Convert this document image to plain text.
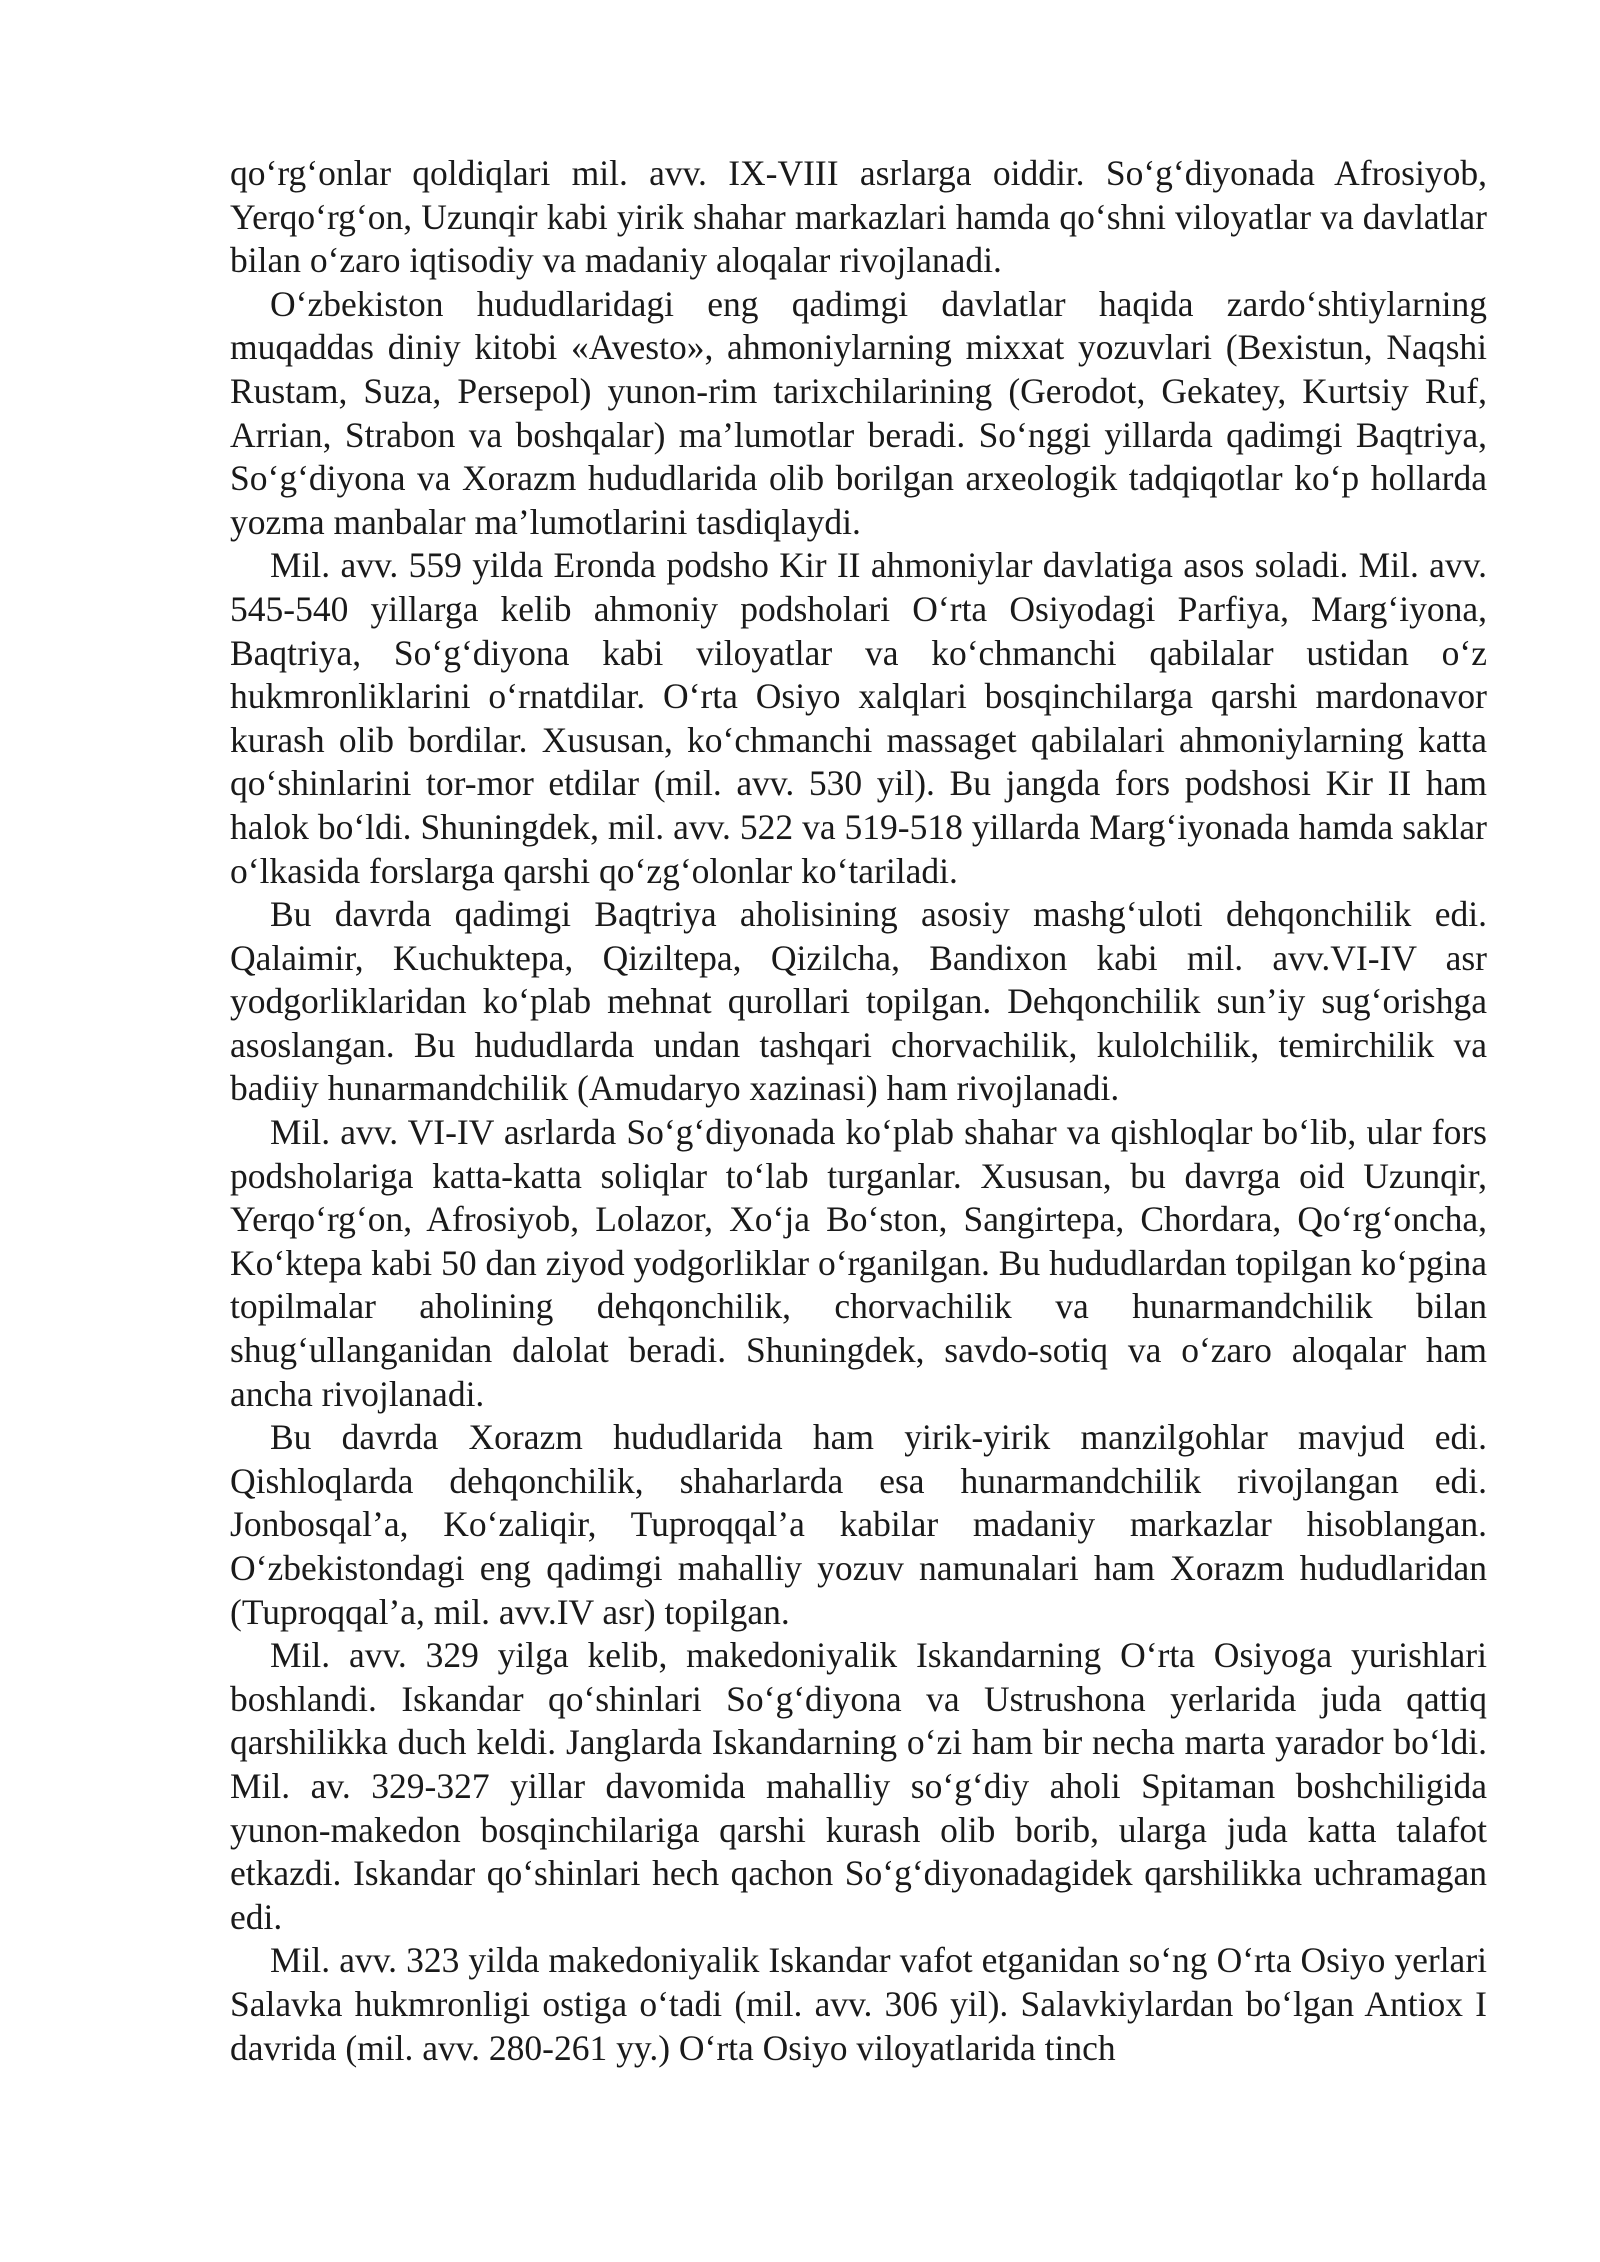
qo‘rg‘onlar qoldiqlari mil. avv. IX-VIII asrlarga oiddir. So‘g‘diyonada Afrosiyob, Yerqo‘rg‘on, Uzunqir kabi yirik shahar markazlari hamda qo‘shni viloyatlar va davlatlar bilan o‘zaro iqtisodiy va madaniy aloqalar rivojlanadi.

O‘zbekiston hududlaridagi eng qadimgi davlatlar haqida zardo‘shtiylarning muqaddas diniy kitobi «Avesto», ahmoniylarning mixxat yozuvlari (Bexistun, Naqshi Rustam, Suza, Persepol) yunon-rim tarixchilarining (Gerodot, Gekatey, Kurtsiy Ruf, Arrian, Strabon va boshqalar) ma’lumotlar beradi. So‘nggi yillarda qadimgi Baqtriya, So‘g‘diyona va Xorazm hududlarida olib borilgan arxeologik tadqiqotlar ko‘p hollarda yozma manbalar ma’lumotlarini tasdiqlaydi.

Mil. avv. 559 yilda Eronda podsho Kir II ahmoniylar davlatiga asos soladi. Mil. avv. 545-540 yillarga kelib ahmoniy podsholari O‘rta Osiyodagi Parfiya, Marg‘iyona, Baqtriya, So‘g‘diyona kabi viloyatlar va ko‘chmanchi qabilalar ustidan o‘z hukmronliklarini o‘rnatdilar. O‘rta Osiyo xalqlari bosqinchilarga qarshi mardonavor kurash olib bordilar. Xususan, ko‘chmanchi massaget qabilalari ahmoniylarning katta qo‘shinlarini tor-mor etdilar (mil. avv. 530 yil). Bu jangda fors podshosi Kir II ham halok bo‘ldi. Shuningdek, mil. avv. 522 va 519-518 yillarda Marg‘iyonada hamda saklar o‘lkasida forslarga qarshi qo‘zg‘olonlar ko‘tariladi.

Bu davrda qadimgi Baqtriya aholisining asosiy mashg‘uloti dehqonchilik edi. Qalaimir, Kuchuktepa, Qiziltepa, Qizilcha, Bandixon kabi mil. avv.VI-IV asr yodgorliklaridan ko‘plab mehnat qurollari topilgan. Dehqonchilik sun’iy sug‘orishga asoslangan. Bu hududlarda undan tashqari chorvachilik, kulolchilik, temirchilik va badiiy hunarmandchilik (Amudaryo xazinasi) ham rivojlanadi.

Mil. avv. VI-IV asrlarda So‘g‘diyonada ko‘plab shahar va qishloqlar bo‘lib, ular fors podsholariga katta-katta soliqlar to‘lab turganlar. Xususan, bu davrga oid Uzunqir, Yerqo‘rg‘on, Afrosiyob, Lolazor, Xo‘ja Bo‘ston, Sangirtepa, Chordara, Qo‘rg‘oncha, Ko‘ktepa kabi 50 dan ziyod yodgorliklar o‘rganilgan. Bu hududlardan topilgan ko‘pgina topilmalar aholining dehqonchilik, chorvachilik va hunarmandchilik bilan shug‘ullanganidan dalolat beradi. Shuningdek, savdo-sotiq va o‘zaro aloqalar ham ancha rivojlanadi.

Bu davrda Xorazm hududlarida ham yirik-yirik manzilgohlar mavjud edi. Qishloqlarda dehqonchilik, shaharlarda esa hunarmandchilik rivojlangan edi. Jonbosqal’a, Ko‘zaliqir, Tuproqqal’a kabilar madaniy markazlar hisoblangan. O‘zbekistondagi eng qadimgi mahalliy yozuv namunalari ham Xorazm hududlaridan (Tuproqqal’a, mil. avv.IV asr) topilgan.

Mil. avv. 329 yilga kelib, makedoniyalik Iskandarning O‘rta Osiyoga yurishlari boshlandi. Iskandar qo‘shinlari So‘g‘diyona va Ustrushona yerlarida juda qattiq qarshilikka duch keldi. Janglarda Iskandarning o‘zi ham bir necha marta yarador bo‘ldi. Mil. av. 329-327 yillar davomida mahalliy so‘g‘diy aholi Spitaman boshchiligida yunon-makedon bosqinchilariga qarshi kurash olib borib, ularga juda katta talafot etkazdi. Iskandar qo‘shinlari hech qachon So‘g‘diyonadagidek qarshilikka uchramagan edi.

Mil. avv. 323 yilda makedoniyalik Iskandar vafot etganidan so‘ng O‘rta Osiyo yerlari Salavka hukmronligi ostiga o‘tadi (mil. avv. 306 yil). Salavkiylardan bo‘lgan Antiox I davrida (mil. avv. 280-261 yy.) O‘rta Osiyo viloyatlarida tinch
